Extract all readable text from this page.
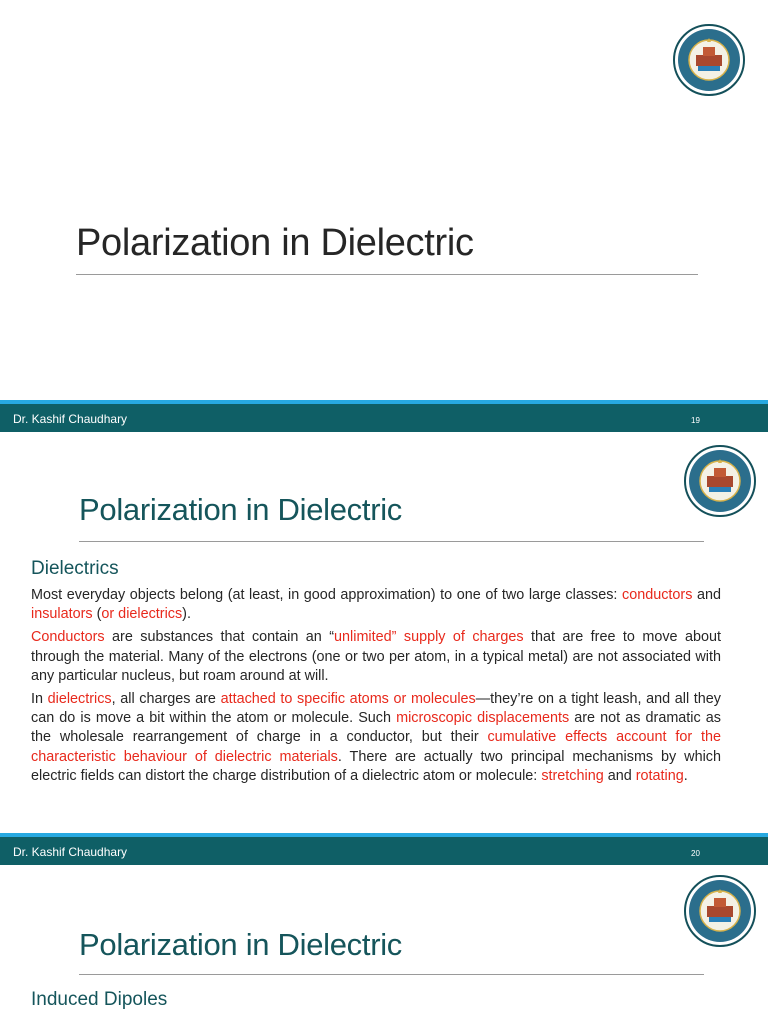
Polarization in Dielectric
Dr. Kashif Chaudhary	19
Polarization in Dielectric
Dielectrics

Most everyday objects belong (at least, in good approximation) to one of two large classes: conductors and insulators (or dielectrics).

Conductors are substances that contain an “unlimited” supply of charges that are free to move about through the material. Many of the electrons (one or two per atom, in a typical metal) are not associated with any particular nucleus, but roam around at will.

In dielectrics, all charges are attached to specific atoms or molecules—they’re on a tight leash, and all they can do is move a bit within the atom or molecule. Such microscopic displacements are not as dramatic as the wholesale rearrangement of charge in a conductor, but their cumulative effects account for the characteristic behaviour of dielectric materials. There are actually two principal mechanisms by which electric fields can distort the charge distribution of a dielectric atom or molecule: stretching and rotating.

Dr. Kashif Chaudhary	20
Polarization in Dielectric
Induced Dipoles
